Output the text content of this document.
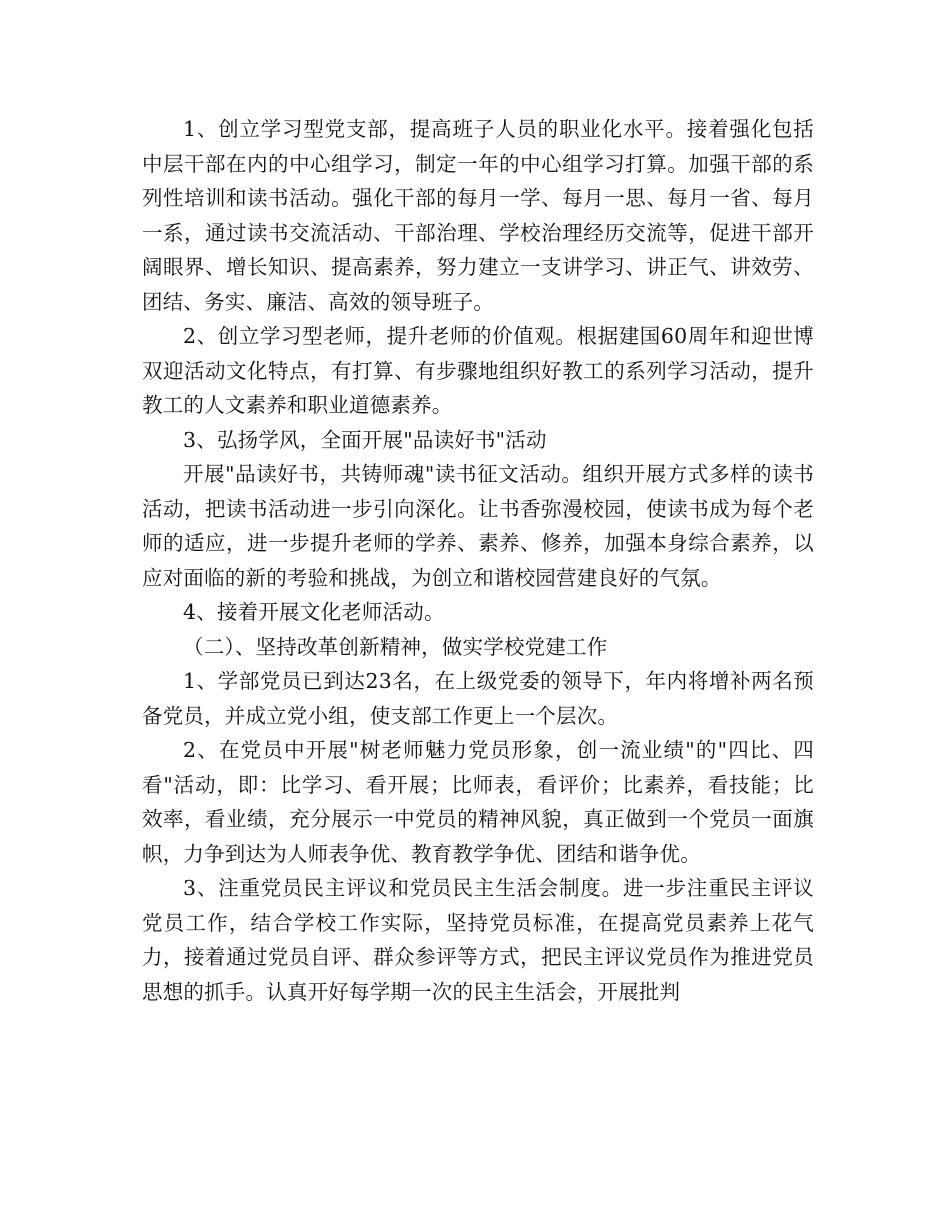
1、创立学习型党支部，提高班子人员的职业化水平。接着强化包括中层干部在内的中心组学习，制定一年的中心组学习打算。加强干部的系列性培训和读书活动。强化干部的每月一学、每月一思、每月一省、每月一系，通过读书交流活动、干部治理、学校治理经历交流等，促进干部开阔眼界、增长知识、提高素养，努力建立一支讲学习、讲正气、讲效劳、团结、务实、廉洁、高效的领导班子。

2、创立学习型老师，提升老师的价值观。根据建国60周年和迎世博双迎活动文化特点，有打算、有步骤地组织好教工的系列学习活动，提升教工的人文素养和职业道德素养。

3、弘扬学风，全面开展"品读好书"活动

开展"品读好书，共铸师魂"读书征文活动。组织开展方式多样的读书活动，把读书活动进一步引向深化。让书香弥漫校园，使读书成为每个老师的适应，进一步提升老师的学养、素养、修养，加强本身综合素养，以应对面临的新的考验和挑战，为创立和谐校园营建良好的气氛。

4、接着开展文化老师活动。

（二）、坚持改革创新精神，做实学校党建工作

1、学部党员已到达23名，在上级党委的领导下，年内将增补两名预备党员，并成立党小组，使支部工作更上一个层次。

2、在党员中开展"树老师魅力党员形象，创一流业绩"的"四比、四看"活动，即：比学习、看开展；比师表，看评价；比素养，看技能；比效率，看业绩，充分展示一中党员的精神风貌，真正做到一个党员一面旗帜，力争到达为人师表争优、教育教学争优、团结和谐争优。

3、注重党员民主评议和党员民主生活会制度。进一步注重民主评议党员工作，结合学校工作实际，坚持党员标准，在提高党员素养上花气力，接着通过党员自评、群众参评等方式，把民主评议党员作为推进党员思想的抓手。认真开好每学期一次的民主生活会，开展批判
